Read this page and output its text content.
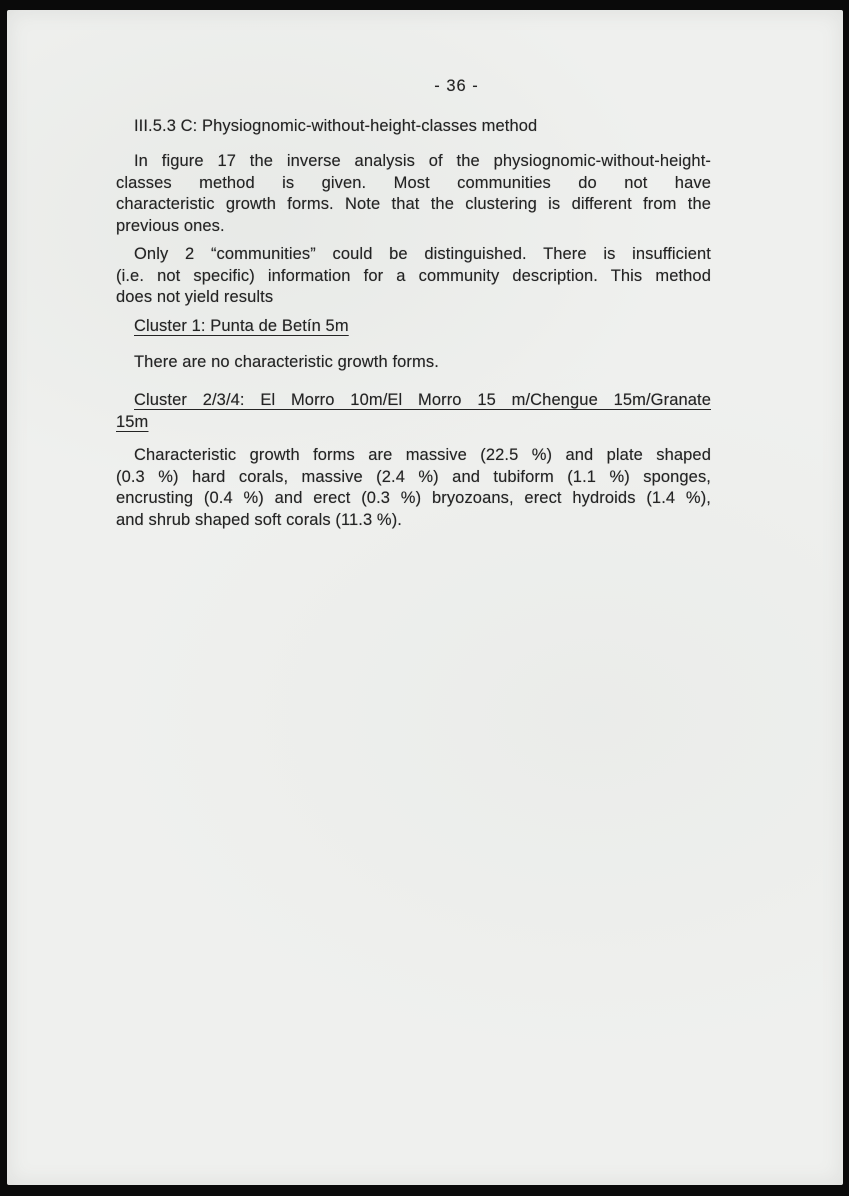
- 36 -
III.5.3 C: Physiognomic-without-height-classes method
In figure 17 the inverse analysis of the physiognomic-without-height-
classes method is given. Most communities do not have
characteristic growth forms. Note that the clustering is different from the
previous ones.
Only 2 “communities” could be distinguished. There is insufficient
(i.e. not specific) information for a community description. This method
does not yield results
Cluster 1: Punta de Betín 5m
There are no characteristic growth forms.
Cluster 2/3/4: El Morro 10m/El Morro 15 m/Chengue 15m/Granate
15m
Characteristic growth forms are massive (22.5 %) and plate shaped
(0.3 %) hard corals, massive (2.4 %) and tubiform (1.1 %) sponges,
encrusting (0.4 %) and erect (0.3 %) bryozoans, erect hydroids (1.4 %),
and shrub shaped soft corals (11.3 %).
